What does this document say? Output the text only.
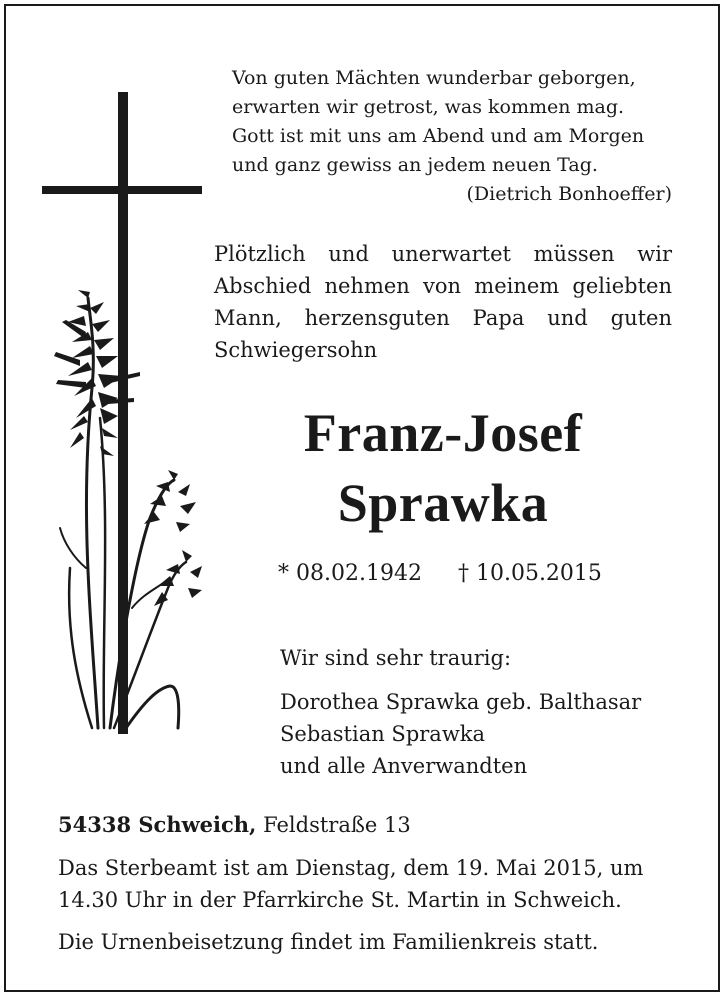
Von guten Mächten wunderbar geborgen,
erwarten wir getrost, was kommen mag.
Gott ist mit uns am Abend und am Morgen
und ganz gewiss an jedem neuen Tag.
(Dietrich Bonhoeffer)
Plötzlich und unerwartet müssen wir
Abschied nehmen von meinem geliebten
Mann, herzensguten Papa und guten
Schwiegersohn
Franz-Josef
Sprawka
* 08.02.1942 † 10.05.2015
Wir sind sehr traurig:
Dorothea Sprawka geb. Balthasar
Sebastian Sprawka
und alle Anverwandten
54338 Schweich, Feldstraße 13
Das Sterbeamt ist am Dienstag, dem 19. Mai 2015, um
14.30 Uhr in der Pfarrkirche St. Martin in Schweich.
Die Urnenbeisetzung findet im Familienkreis statt.
